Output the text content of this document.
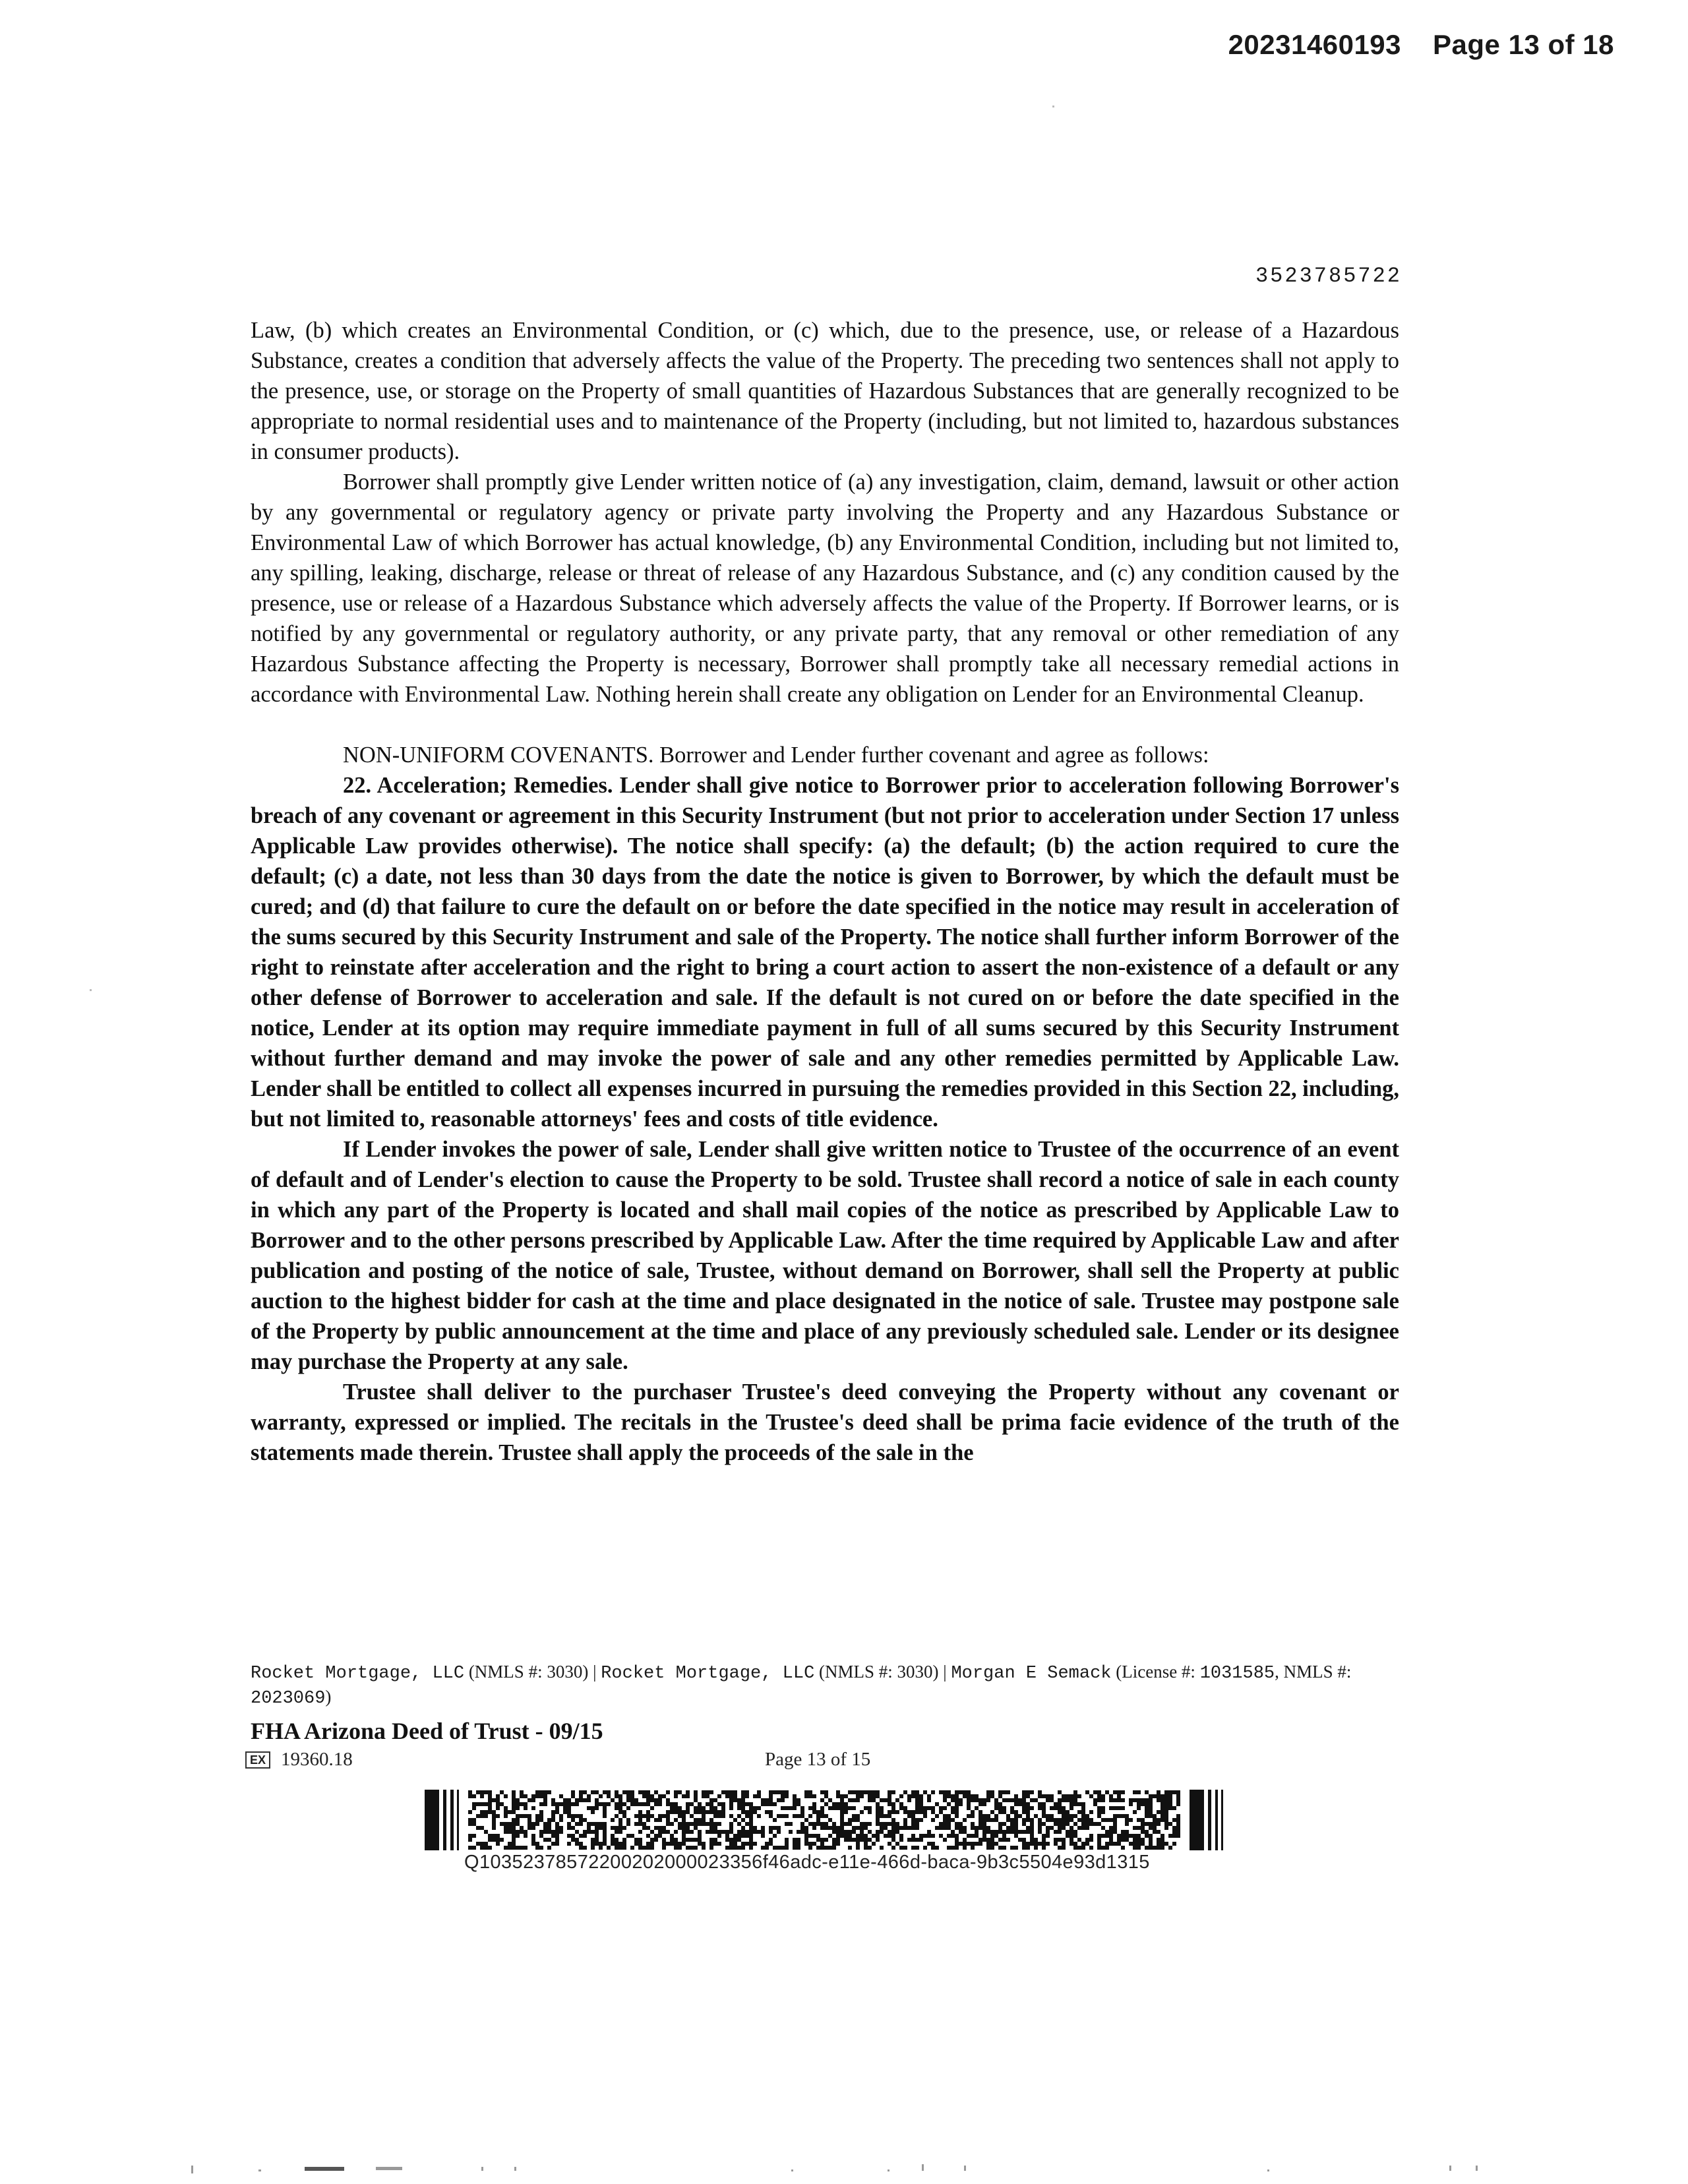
20231460193 Page 13 of 18
3523785722

Law, (b) which creates an Environmental Condition, or (c) which, due to the presence, use, or release of a Hazardous Substance, creates a condition that adversely affects the value of the Property. The preceding two sentences shall not apply to the presence, use, or storage on the Property of small quantities of Hazardous Substances that are generally recognized to be appropriate to normal residential uses and to maintenance of the Property (including, but not limited to, hazardous substances in consumer products).

Borrower shall promptly give Lender written notice of (a) any investigation, claim, demand, lawsuit or other action by any governmental or regulatory agency or private party involving the Property and any Hazardous Substance or Environmental Law of which Borrower has actual knowledge, (b) any Environmental Condition, including but not limited to, any spilling, leaking, discharge, release or threat of release of any Hazardous Substance, and (c) any condition caused by the presence, use or release of a Hazardous Substance which adversely affects the value of the Property. If Borrower learns, or is notified by any governmental or regulatory authority, or any private party, that any removal or other remediation of any Hazardous Substance affecting the Property is necessary, Borrower shall promptly take all necessary remedial actions in accordance with Environmental Law. Nothing herein shall create any obligation on Lender for an Environmental Cleanup.

NON-UNIFORM COVENANTS. Borrower and Lender further covenant and agree as follows:

22. Acceleration; Remedies. Lender shall give notice to Borrower prior to acceleration following Borrower's breach of any covenant or agreement in this Security Instrument (but not prior to acceleration under Section 17 unless Applicable Law provides otherwise). The notice shall specify: (a) the default; (b) the action required to cure the default; (c) a date, not less than 30 days from the date the notice is given to Borrower, by which the default must be cured; and (d) that failure to cure the default on or before the date specified in the notice may result in acceleration of the sums secured by this Security Instrument and sale of the Property. The notice shall further inform Borrower of the right to reinstate after acceleration and the right to bring a court action to assert the non-existence of a default or any other defense of Borrower to acceleration and sale. If the default is not cured on or before the date specified in the notice, Lender at its option may require immediate payment in full of all sums secured by this Security Instrument without further demand and may invoke the power of sale and any other remedies permitted by Applicable Law. Lender shall be entitled to collect all expenses incurred in pursuing the remedies provided in this Section 22, including, but not limited to, reasonable attorneys' fees and costs of title evidence.

If Lender invokes the power of sale, Lender shall give written notice to Trustee of the occurrence of an event of default and of Lender's election to cause the Property to be sold. Trustee shall record a notice of sale in each county in which any part of the Property is located and shall mail copies of the notice as prescribed by Applicable Law to Borrower and to the other persons prescribed by Applicable Law. After the time required by Applicable Law and after publication and posting of the notice of sale, Trustee, without demand on Borrower, shall sell the Property at public auction to the highest bidder for cash at the time and place designated in the notice of sale. Trustee may postpone sale of the Property by public announcement at the time and place of any previously scheduled sale. Lender or its designee may purchase the Property at any sale.

Trustee shall deliver to the purchaser Trustee's deed conveying the Property without any covenant or warranty, expressed or implied. The recitals in the Trustee's deed shall be prima facie evidence of the truth of the statements made therein. Trustee shall apply the proceeds of the sale in the

Rocket Mortgage, LLC (NMLS #: 3030) | Rocket Mortgage, LLC (NMLS #: 3030) | Morgan E Semack (License #: 1031585, NMLS #: 2023069)
FHA Arizona Deed of Trust - 09/15
EX 19360.18	Page 13 of 15
Q10352378572200202000023356f46adc-e11e-466d-baca-9b3c5504e93d1315
